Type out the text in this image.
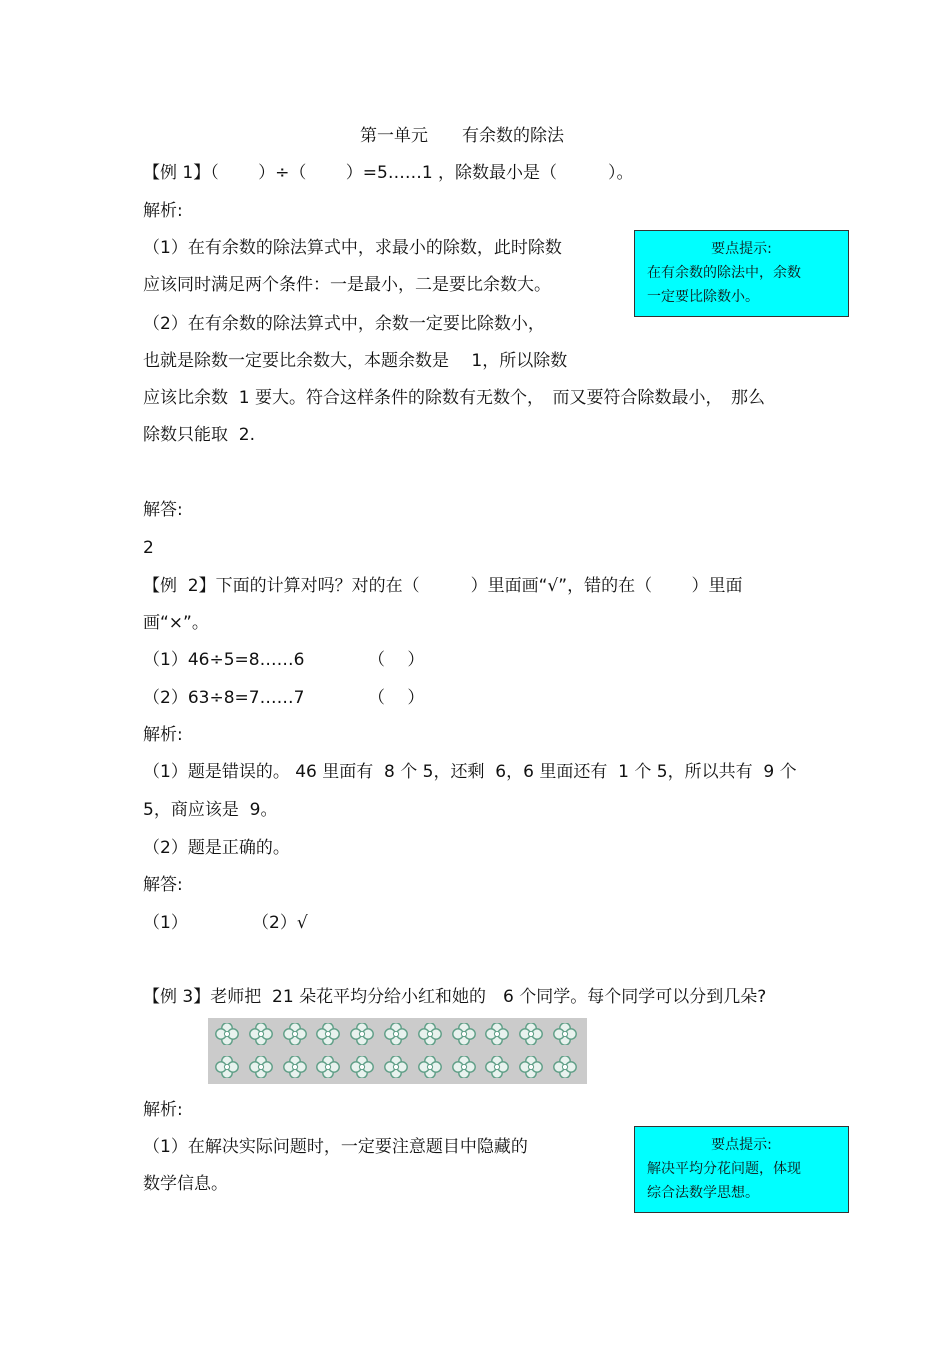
第一单元　　有余数的除法
【例 1】（　　 ）÷（　　 ）=5……1 ，除数最小是（　　　）。
解析:
（1）在有余数的除法算式中，求最小的除数，此时除数
应该同时满足两个条件：一是最小，二是要比余数大。
（2）在有余数的除法算式中，余数一定要比除数小，
也就是除数一定要比余数大，本题余数是　 1，所以除数
应该比余数  1 要大。符合这样条件的除数有无数个，　而又要符合除数最小，　那么
除数只能取  2.
要点提示:
在有余数的除法中，余数
一定要比除数小。
解答:
2
【例  2】下面的计算对吗？对的在（　　　）里面画“√”，错的在（　　 ）里面
画“×”。
（1）46÷5=8……6	（　 ）
（2）63÷8=7……7	（　 ）
解析:
（1）题是错误的。 46 里面有  8 个 5，还剩  6，6 里面还有  1 个 5，所以共有  9 个
5，商应该是  9。
（2）题是正确的。
解答:
（1）	（2）√
【例 3】老师把  21 朵花平均分给小红和她的　6 个同学。每个同学可以分到几朵?
解析:
（1）在解决实际问题时，一定要注意题目中隐藏的
数学信息。
要点提示:
解决平均分花问题，体现
综合法数学思想。
